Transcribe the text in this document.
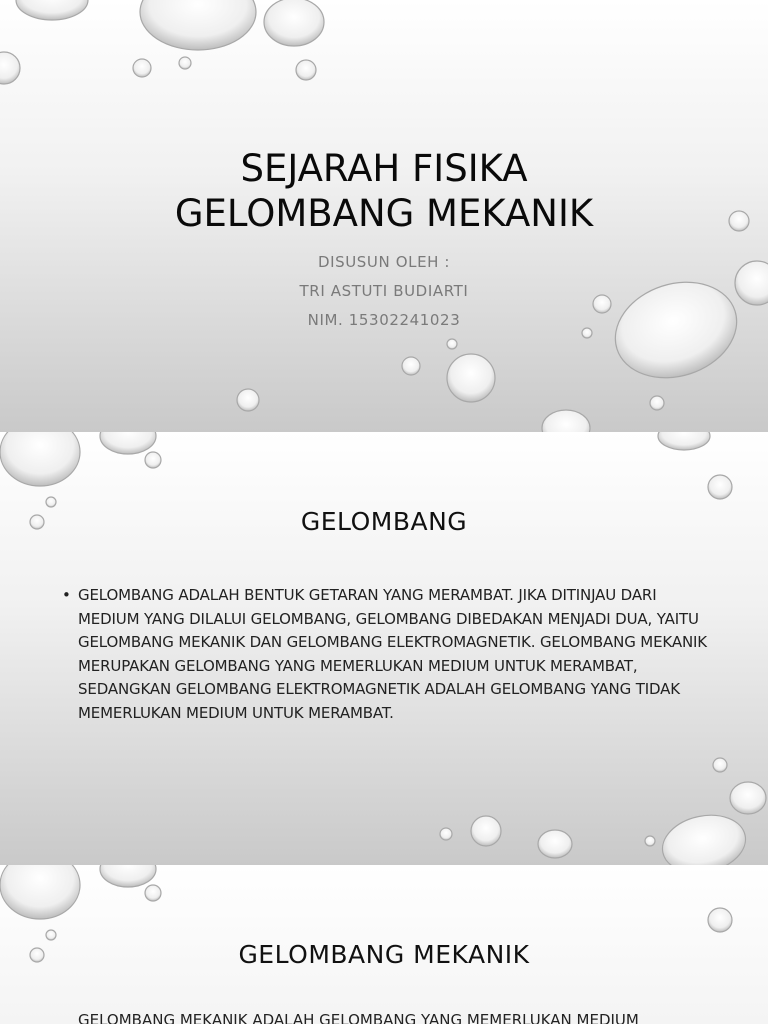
SEJARAH FISIKA
GELOMBANG MEKANIK
DISUSUN OLEH :
TRI ASTUTI BUDIARTI
NIM. 15302241023
GELOMBANG
• GELOMBANG ADALAH BENTUK GETARAN YANG MERAMBAT. JIKA DITINJAU DARI MEDIUM YANG DILALUI GELOMBANG, GELOMBANG DIBEDAKAN MENJADI DUA, YAITU GELOMBANG MEKANIK DAN GELOMBANG ELEKTROMAGNETIK. GELOMBANG MEKANIK MERUPAKAN GELOMBANG YANG MEMERLUKAN MEDIUM UNTUK MERAMBAT, SEDANGKAN GELOMBANG ELEKTROMAGNETIK ADALAH GELOMBANG YANG TIDAK MEMERLUKAN MEDIUM UNTUK MERAMBAT.
GELOMBANG MEKANIK
GELOMBANG MEKANIK ADALAH GELOMBANG YANG MEMERLUKAN MEDIUM
